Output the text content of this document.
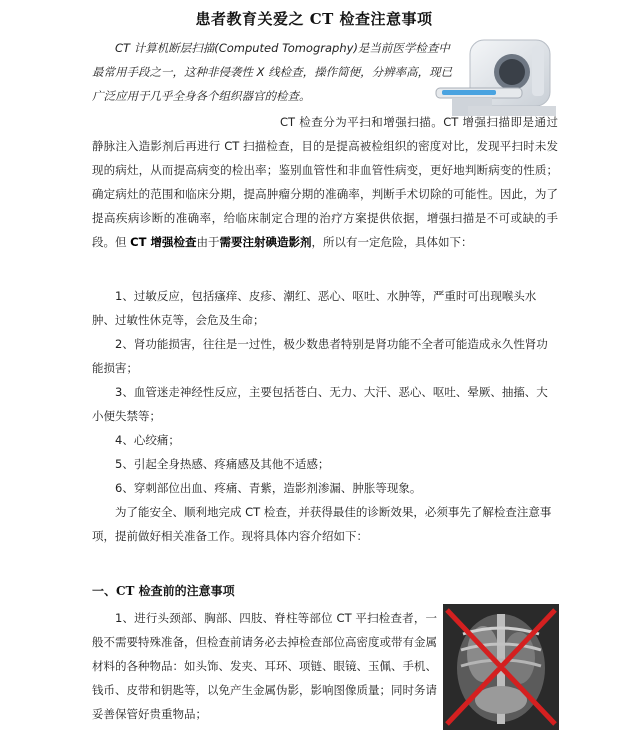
患者教育关爱之 CT 检查注意事项

CT 计算机断层扫描(Computed Tomography)是当前医学检查中最常用手段之一，这种非侵袭性 X 线检查，操作简便，分辨率高，现已广泛应用于几乎全身各个组织器官的检查。

CT 检查分为平扫和增强扫描。CT 增强扫描即是通过静脉注入造影剂后再进行 CT 扫描检查，目的是提高被检组织的密度对比，发现平扫时未发现的病灶，从而提高病变的检出率；鉴别血管性和非血管性病变，更好地判断病变的性质；确定病灶的范围和临床分期，提高肿瘤分期的准确率，判断手术切除的可能性。因此，为了提高疾病诊断的准确率，给临床制定合理的治疗方案提供依据，增强扫描是不可或缺的手段。但 CT 增强检查由于需要注射碘造影剂，所以有一定危险，具体如下：

1、过敏反应，包括瘙痒、皮疹、潮红、恶心、呕吐、水肿等，严重时可出现喉头水肿、过敏性休克等，会危及生命；

2、肾功能损害，往往是一过性，极少数患者特别是肾功能不全者可能造成永久性肾功能损害；

3、血管迷走神经性反应，主要包括苍白、无力、大汗、恶心、呕吐、晕厥、抽搐、大小便失禁等；

4、心绞痛；

5、引起全身热感、疼痛感及其他不适感；

6、穿刺部位出血、疼痛、青紫，造影剂渗漏、肿胀等现象。

为了能安全、顺利地完成 CT 检查，并获得最佳的诊断效果，必须事先了解检查注意事项，提前做好相关准备工作。现将具体内容介绍如下：

一、CT 检查前的注意事项

1、进行头颈部、胸部、四肢、脊柱等部位 CT 平扫检查者，一般不需要特殊准备，但检查前请务必去掉检查部位高密度或带有金属材料的各种物品：如头饰、发夹、耳环、项链、眼镜、玉佩、手机、钱币、皮带和钥匙等，以免产生金属伪影，影响图像质量；同时务请妥善保管好贵重物品；
